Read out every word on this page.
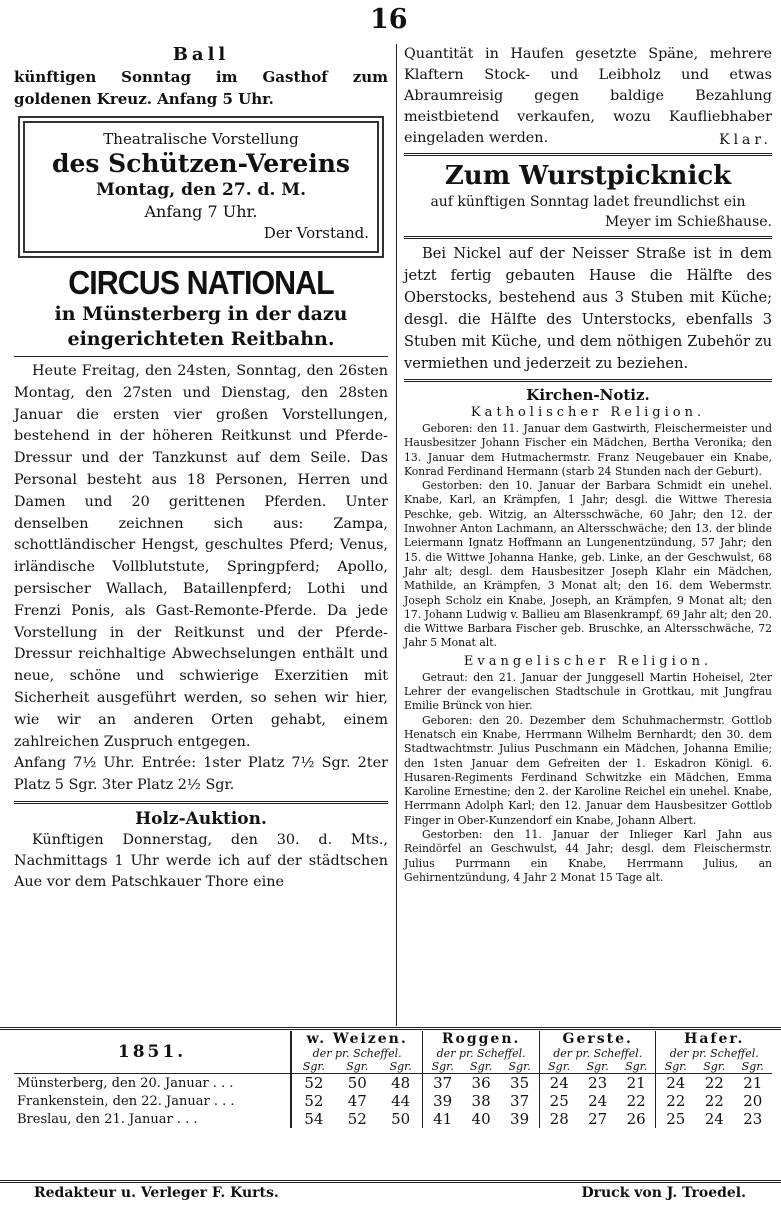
16
Ball

künftigen Sonntag im Gasthof zum goldenen Kreuz. Anfang 5 Uhr.

Theatralische Vorstellung

des Schützen-Vereins

Montag, den 27. d. M.

Anfang 7 Uhr.

Der Vorstand.

CIRCUS NATIONAL

in Münsterberg in der dazu eingerichteten Reitbahn.

Heute Freitag, den 24sten, Sonntag, den 26sten Montag, den 27sten und Dienstag, den 28sten Januar die ersten vier großen Vorstellungen, bestehend in der höheren Reitkunst und Pferde-Dressur und der Tanzkunst auf dem Seile. Das Personal besteht aus 18 Personen, Herren und Damen und 20 gerittenen Pferden. Unter denselben zeichnen sich aus: Zampa, schottländischer Hengst, geschultes Pferd; Venus, irländische Vollblutstute, Springpferd; Apollo, persischer Wallach, Bataillenpferd; Lothi und Frenzi Ponis, als Gast-Remonte-Pferde. Da jede Vorstellung in der Reitkunst und der Pferde-Dressur reichhaltige Abwechselungen enthält und neue, schöne und schwierige Exerzitien mit Sicherheit ausgeführt werden, so sehen wir hier, wie wir an anderen Orten gehabt, einem zahlreichen Zuspruch entgegen.

Anfang 7½ Uhr. Entrée: 1ster Platz 7½ Sgr. 2ter Platz 5 Sgr. 3ter Platz 2½ Sgr.

Holz-Auktion.

Künftigen Donnerstag, den 30. d. Mts., Nachmittags 1 Uhr werde ich auf der städtschen Aue vor dem Patschkauer Thore eine

Quantität in Haufen gesetzte Späne, mehrere Klaftern Stock- und Leibholz und etwas Abraumreisig gegen baldige Bezahlung meistbietend verkaufen, wozu Kaufliebhaber eingeladen werden.	Klar.

Zum Wurstpicknick

auf künftigen Sonntag ladet freundlichst ein

Meyer im Schießhause.

Bei Nickel auf der Neisser Straße ist in dem jetzt fertig gebauten Hause die Hälfte des Oberstocks, bestehend aus 3 Stuben mit Küche; desgl. die Hälfte des Unterstocks, ebenfalls 3 Stuben mit Küche, und dem nöthigen Zubehör zu vermiethen und jederzeit zu beziehen.

Kirchen-Notiz.
Katholischer Religion.

Geboren: den 11. Januar dem Gastwirth, Fleischermeister und Hausbesitzer Johann Fischer ein Mädchen, Bertha Veronika; den 13. Januar dem Hutmachermstr. Franz Neugebauer ein Knabe, Konrad Ferdinand Hermann (starb 24 Stunden nach der Geburt).

Gestorben: den 10. Januar der Barbara Schmidt ein unehel. Knabe, Karl, an Krämpfen, 1 Jahr; desgl. die Wittwe Theresia Peschke, geb. Witzig, an Altersschwäche, 60 Jahr; den 12. der Inwohner Anton Lachmann, an Altersschwäche; den 13. der blinde Leiermann Ignatz Hoffmann an Lungenentzündung, 57 Jahr; den 15. die Wittwe Johanna Hanke, geb. Linke, an der Geschwulst, 68 Jahr alt; desgl. dem Hausbesitzer Joseph Klahr ein Mädchen, Mathilde, an Krämpfen, 3 Monat alt; den 16. dem Webermstr. Joseph Scholz ein Knabe, Joseph, an Krämpfen, 9 Monat alt; den 17. Johann Ludwig v. Ballieu am Blasenkrampf, 69 Jahr alt; den 20. die Wittwe Barbara Fischer geb. Bruschke, an Altersschwäche, 72 Jahr 5 Monat alt.

Evangelischer Religion.

Getraut: den 21. Januar der Junggesell Martin Hoheisel, 2ter Lehrer der evangelischen Stadtschule in Grottkau, mit Jungfrau Emilie Brünck von hier.

Geboren: den 20. Dezember dem Schuhmachermstr. Gottlob Henatsch ein Knabe, Herrmann Wilhelm Bernhardt; den 30. dem Stadtwachtmstr. Julius Puschmann ein Mädchen, Johanna Emilie; den 1sten Januar dem Gefreiten der 1. Eskadron Königl. 6. Husaren-Regiments Ferdinand Schwitzke ein Mädchen, Emma Karoline Ernestine; den 2. der Karoline Reichel ein unehel. Knabe, Herrmann Adolph Karl; den 12. Januar dem Hausbesitzer Gottlob Finger in Ober-Kunzendorf ein Knabe, Johann Albert.

Gestorben: den 11. Januar der Inlieger Karl Jahn aus Reindörfel an Geschwulst, 44 Jahr; desgl. dem Fleischermstr. Julius Purrmann ein Knabe, Herrmann Julius, an Gehirnentzündung, 4 Jahr 2 Monat 15 Tage alt.

1851.	w. Weizen.			Roggen.			Gerste.			Hafer.		
	der pr. Scheffel.			der pr. Scheffel.			der pr. Scheffel.			der pr. Scheffel.		
	Sgr.	Sgr.	Sgr.	Sgr.	Sgr.	Sgr.	Sgr.	Sgr.	Sgr.	Sgr.	Sgr.	Sgr.
Münsterberg, den 20. Januar . . .	52	50	48	37	36	35	24	23	21	24	22	21
Frankenstein, den 22. Januar . . .	52	47	44	39	38	37	25	24	22	22	22	20
Breslau, den 21. Januar . . .	54	52	50	41	40	39	28	27	26	25	24	23
Redakteur u. Verleger F. Kurts.	Druck von J. Troedel.
